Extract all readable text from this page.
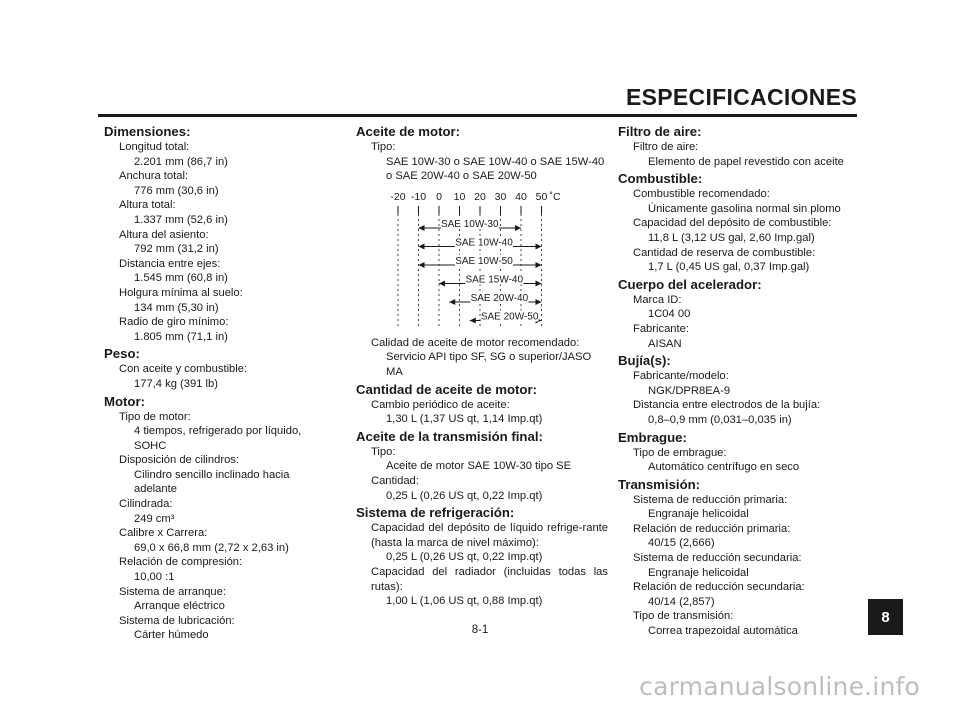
ESPECIFICACIONES
Dimensiones:
Longitud total:
2.201 mm (86,7 in)
Anchura total:
776 mm (30,6 in)
Altura total:
1.337 mm (52,6 in)
Altura del asiento:
792 mm (31,2 in)
Distancia entre ejes:
1.545 mm (60,8 in)
Holgura mínima al suelo:
134 mm (5,30 in)
Radio de giro mínimo:
1.805 mm (71,1 in)
Peso:
Con aceite y combustible:
177,4 kg (391 lb)
Motor:
Tipo de motor:
4 tiempos, refrigerado por líquido, SOHC
Disposición de cilindros:
Cilindro sencillo inclinado hacia adelante
Cilindrada:
249 cm³
Calibre x Carrera:
69,0 x 66,8 mm (2,72 x 2,63 in)
Relación de compresión:
10,00 :1
Sistema de arranque:
Arranque eléctrico
Sistema de lubricación:
Cárter húmedo
Aceite de motor:
Tipo:
SAE 10W-30 o SAE 10W-40 o SAE 15W-40 o SAE 20W-40 o SAE 20W-50
-20 -10 0 10 20 30 40 50 ˚C
SAE 10W-30
SAE 10W-40
SAE 10W-50
SAE 15W-40
SAE 20W-40
SAE 20W-50
Calidad de aceite de motor recomendado:
Servicio API tipo SF, SG o superior/JASO MA
Cantidad de aceite de motor:
Cambio periódico de aceite:
1,30 L (1,37 US qt, 1,14 Imp.qt)
Aceite de la transmisión final:
Tipo:
Aceite de motor SAE 10W-30 tipo SE
Cantidad:
0,25 L (0,26 US qt, 0,22 Imp.qt)
Sistema de refrigeración:
Capacidad del depósito de líquido refrige-rante (hasta la marca de nivel máximo):
0,25 L (0,26 US qt, 0,22 Imp.qt)
Capacidad del radiador (incluidas todas las rutas):
1,00 L (1,06 US qt, 0,88 Imp.qt)
Filtro de aire:
Filtro de aire:
Elemento de papel revestido con aceite
Combustible:
Combustible recomendado:
Únicamente gasolina normal sin plomo
Capacidad del depósito de combustible:
11,8 L (3,12 US gal, 2,60 Imp.gal)
Cantidad de reserva de combustible:
1,7 L (0,45 US gal, 0,37 Imp.gal)
Cuerpo del acelerador:
Marca ID:
1C04 00
Fabricante:
AISAN
Bujía(s):
Fabricante/modelo:
NGK/DPR8EA-9
Distancia entre electrodos de la bujía:
0,8–0,9 mm (0,031–0,035 in)
Embrague:
Tipo de embrague:
Automático centrífugo en seco
Transmisión:
Sistema de reducción primaria:
Engranaje helicoidal
Relación de reducción primaria:
40/15 (2,666)
Sistema de reducción secundaria:
Engranaje helicoidal
Relación de reducción secundaria:
40/14 (2,857)
Tipo de transmisión:
Correa trapezoidal automática
8-1
8
carmanualsonline.info
